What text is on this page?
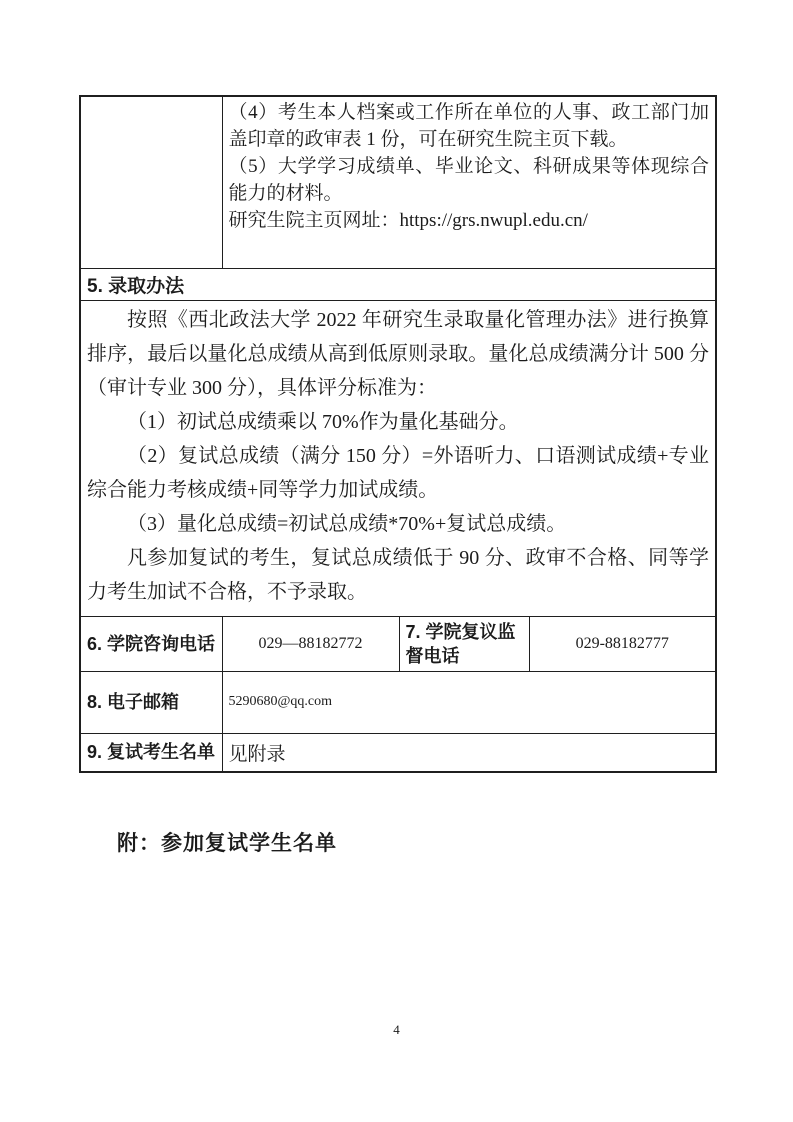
	（4）考生本人档案或工作所在单位的人事、政工部门加盖印章的政审表 1 份，可在研究生院主页下载。

（5）大学学习成绩单、毕业论文、科研成果等体现综合能力的材料。

研究生院主页网址：https://grs.nwupl.edu.cn/		

5. 录取办法			

按照《西北政法大学 2022 年研究生录取量化管理办法》进行换算排序，最后以量化总成绩从高到低原则录取。量化总成绩满分计 500 分（审计专业 300 分），具体评分标准为：

（1）初试总成绩乘以 70%作为量化基础分。

（2）复试总成绩（满分 150 分）=外语听力、口语测试成绩+专业综合能力考核成绩+同等学力加试成绩。

（3）量化总成绩=初试总成绩*70%+复试总成绩。

凡参加复试的考生，复试总成绩低于 90 分、政审不合格、同等学力考生加试不合格，不予录取。			

6. 学院咨询电话	029—88182772	7. 学院复议监督电话	029-88182777
8. 电子邮箱	5290680@qq.com		
9. 复试考生名单	见附录		
附：参加复试学生名单
4
